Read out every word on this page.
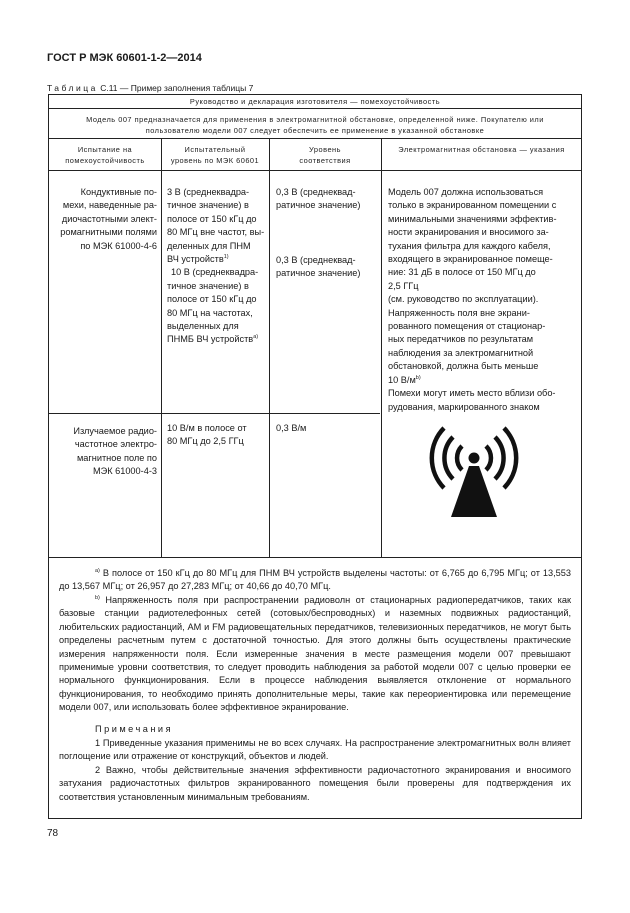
ГОСТ Р МЭК 60601-1-2—2014
Таблица С.11 — Пример заполнения таблицы 7
Руководство и декларация изготовителя — помехоустойчивость
Модель 007 предназначается для применения в электромагнитной обстановке, определенной ниже. Покупателю или
пользователю модели 007 следует обеспечить ее применение в указанной обстановке
Испытание на
помехоустойчивость
Испытательный
уровень по МЭК 60601
Уровень
соответствия
Электромагнитная обстановка — указания
Кондуктивные по-
мехи, наведенные ра-
диочастотными элект-
ромагнитными полями
по МЭК 61000-4-6
3 В (среднеквадра-
тичное значение) в
полосе от 150 кГц до
80 МГц вне частот, вы-
деленных для ПНМ
ВЧ устройств$^{1)}$
10 В (среднеквадра-
тичное значение) в
полосе от 150 кГц до
80 МГц на частотах,
выделенных для
ПНМБ ВЧ устройств$^{a)}$
0,3 В (среднеквад-
ратичное значение)
0,3 В (среднеквад-
ратичное значение)
Модель 007 должна использоваться
только в экранированном помещении с
минимальными значениями эффектив-
ности экранирования и вносимого за-
тухания фильтра для каждого кабеля,
входящего в экранированное помеще-
ние: 31 дБ в полосе от 150 МГц до
2,5 ГГц
(см. руководство по эксплуатации).
Напряженность поля вне экрани-
рованного помещения от стационар-
ных передатчиков по результатам
наблюдения за электромагнитной
обстановкой, должна быть меньше
10 $В/м^{b)}$
Помехи могут иметь место вблизи обо-
рудования, маркированного знаком
Излучаемое радио-
частотное электро-
магнитное поле по
МЭК 61000-4-3
10 В/м в полосе от
80 МГц до 2,5 ГГц
0,3 В/м
$^{a)}$ В полосе от 150 кГц до 80 МГц для ПНМ ВЧ устройств выделены частоты: от 6,765 до 6,795 МГц; от 13,553 до 13,567 МГц; от 26,957 до 27,283 МГц; от 40,66 до 40,70 МГц.
$^{b)}$ Напряженность поля при распространении радиоволн от стационарных радиопередатчиков, таких как базовые станции радиотелефонных сетей (сотовых/беспроводных) и наземных подвижных радиостанций, любительских радиостанций, АМ и FM радиовещательных передатчиков, телевизионных передатчиков, не могут быть определены расчетным путем с достаточной точностью. Для этого должны быть осуществлены практические измерения напряженности поля. Если измеренные значения в месте размещения модели 007 превышают применимые уровни соответствия, то следует проводить наблюдения за работой модели 007 с целью проверки ее нормального функционирования. Если в процессе наблюдения выявляется отклонение от нормального функционирования, то необходимо принять дополнительные меры, такие как переориентировка или перемещение модели 007, или использовать более эффективное экранирование.
Примечания
1 Приведенные указания применимы не во всех случаях. На распространение электромагнитных волн влияет поглощение или отражение от конструкций, объектов и людей.
2 Важно, чтобы действительные значения эффективности радиочастотного экранирования и вносимого затухания радиочастотных фильтров экранированного помещения были проверены для подтверждения их соответствия установленным минимальным требованиям.
78
